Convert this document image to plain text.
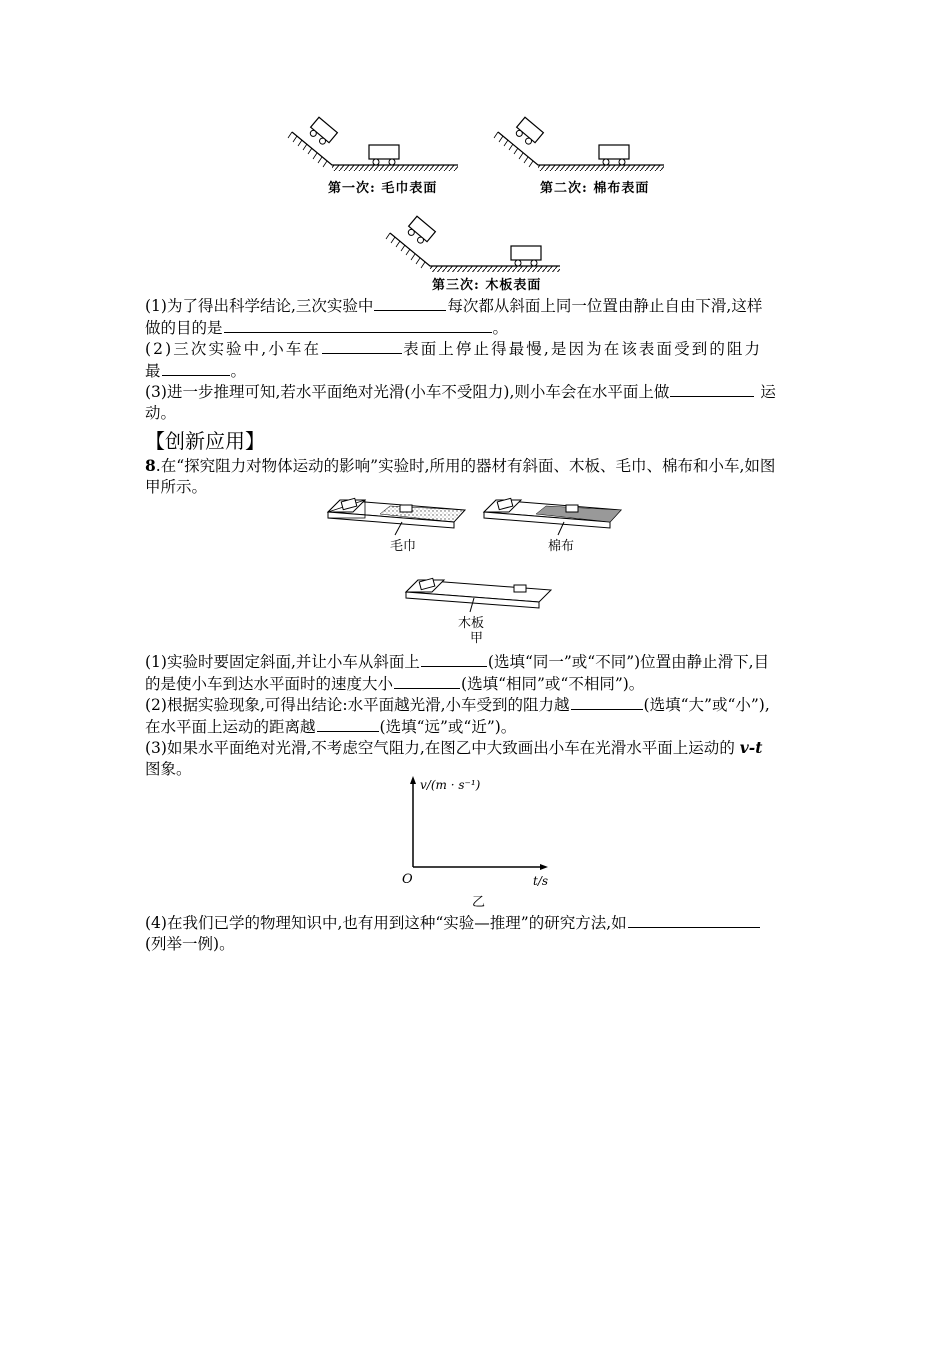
第一次: 毛巾表面	第二次: 棉布表面
第三次: 木板表面
(1)为了得出科学结论,三次实验中	每次都从斜面上同一位置由静止自由下滑,这样
做的目的是	。
(2)三次实验中,小车在	表面上停止得最慢,是因为在该表面受到的阻力
最	。
(3)进一步推理可知,若水平面绝对光滑(小车不受阻力),则小车会在水平面上做	运
动。
【创新应用】
8.在“探究阻力对物体运动的影响”实验时,所用的器材有斜面、木板、毛巾、棉布和小车,如图
甲所示。
毛巾	棉布
木板
甲
(1)实验时要固定斜面,并让小车从斜面上	(选填“同一”或“不同”)位置由静止滑下,目
的是使小车到达水平面时的速度大小	(选填“相同”或“不相同”)。
(2)根据实验现象,可得出结论:水平面越光滑,小车受到的阻力越	(选填“大”或“小”),
在水平面上运动的距离越	(选填“远”或“近”)。
(3)如果水平面绝对光滑,不考虑空气阻力,在图乙中大致画出小车在光滑水平面上运动的 v-t
图象。
v/(m · s⁻¹)
O	t/s
乙
(4)在我们已学的物理知识中,也有用到这种“实验—推理”的研究方法,如
(列举一例)。
